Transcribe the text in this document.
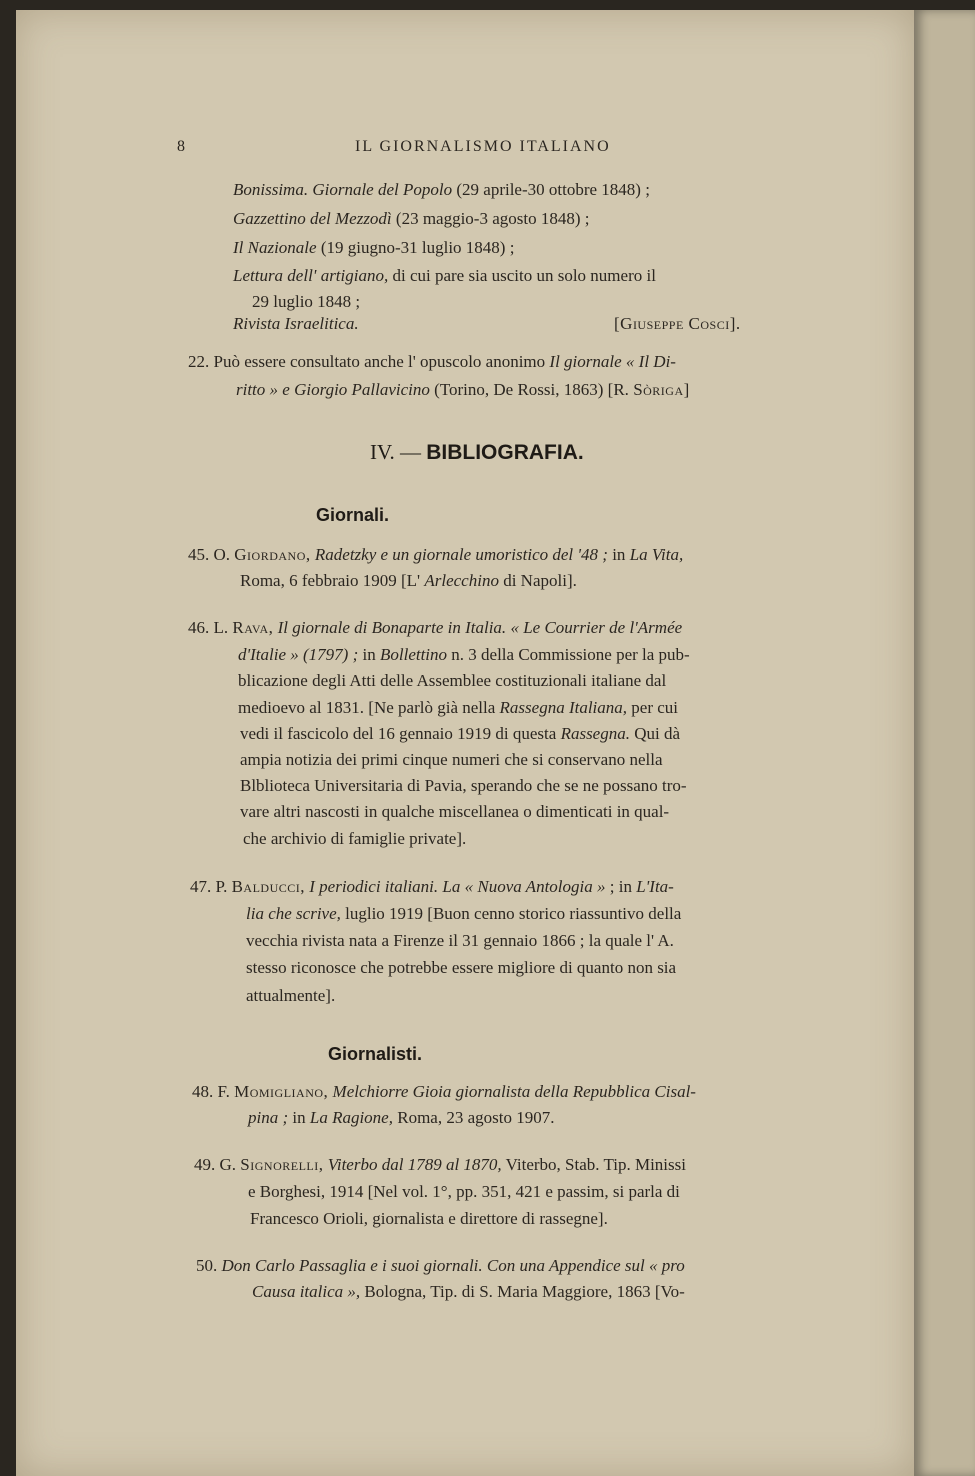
8	IL GIORNALISMO ITALIANO
Bonissima. Giornale del Popolo (29 aprile-30 ottobre 1848) ;
Gazzettino del Mezzodì (23 maggio-3 agosto 1848) ;
Il Nazionale (19 giugno-31 luglio 1848) ;
Lettura dell' artigiano, di cui pare sia uscito un solo numero il
29 luglio 1848 ;
Rivista Israelitica.	[Giuseppe Cosci].
22. Può essere consultato anche l' opuscolo anonimo Il giornale « Il Di-
ritto » e Giorgio Pallavicino (Torino, De Rossi, 1863) [R. Sòriga]
IV. — BIBLIOGRAFIA.
Giornali.
45. O. Giordano, Radetzky e un giornale umoristico del '48 ; in La Vita,
Roma, 6 febbraio 1909 [L' Arlecchino di Napoli].
46. L. Rava, Il giornale di Bonaparte in Italia. « Le Courrier de l'Armée
d'Italie » (1797) ; in Bollettino n. 3 della Commissione per la pub-
blicazione degli Atti delle Assemblee costituzionali italiane dal
medioevo al 1831. [Ne parlò già nella Rassegna Italiana, per cui
vedi il fascicolo del 16 gennaio 1919 di questa Rassegna. Qui dà
ampia notizia dei primi cinque numeri che si conservano nella
Blblioteca Universitaria di Pavia, sperando che se ne possano tro-
vare altri nascosti in qualche miscellanea o dimenticati in qual-
che archivio di famiglie private].
47. P. Balducci, I periodici italiani. La « Nuova Antologia » ; in L'Ita-
lia che scrive, luglio 1919 [Buon cenno storico riassuntivo della
vecchia rivista nata a Firenze il 31 gennaio 1866 ; la quale l' A.
stesso riconosce che potrebbe essere migliore di quanto non sia
attualmente].
Giornalisti.
48. F. Momigliano, Melchiorre Gioia giornalista della Repubblica Cisal-
pina ; in La Ragione, Roma, 23 agosto 1907.
49. G. Signorelli, Viterbo dal 1789 al 1870, Viterbo, Stab. Tip. Minissi
e Borghesi, 1914 [Nel vol. 1°, pp. 351, 421 e passim, si parla di
Francesco Orioli, giornalista e direttore di rassegne].
50. Don Carlo Passaglia e i suoi giornali. Con una Appendice sul « pro
Causa italica », Bologna, Tip. di S. Maria Maggiore, 1863 [Vo-
